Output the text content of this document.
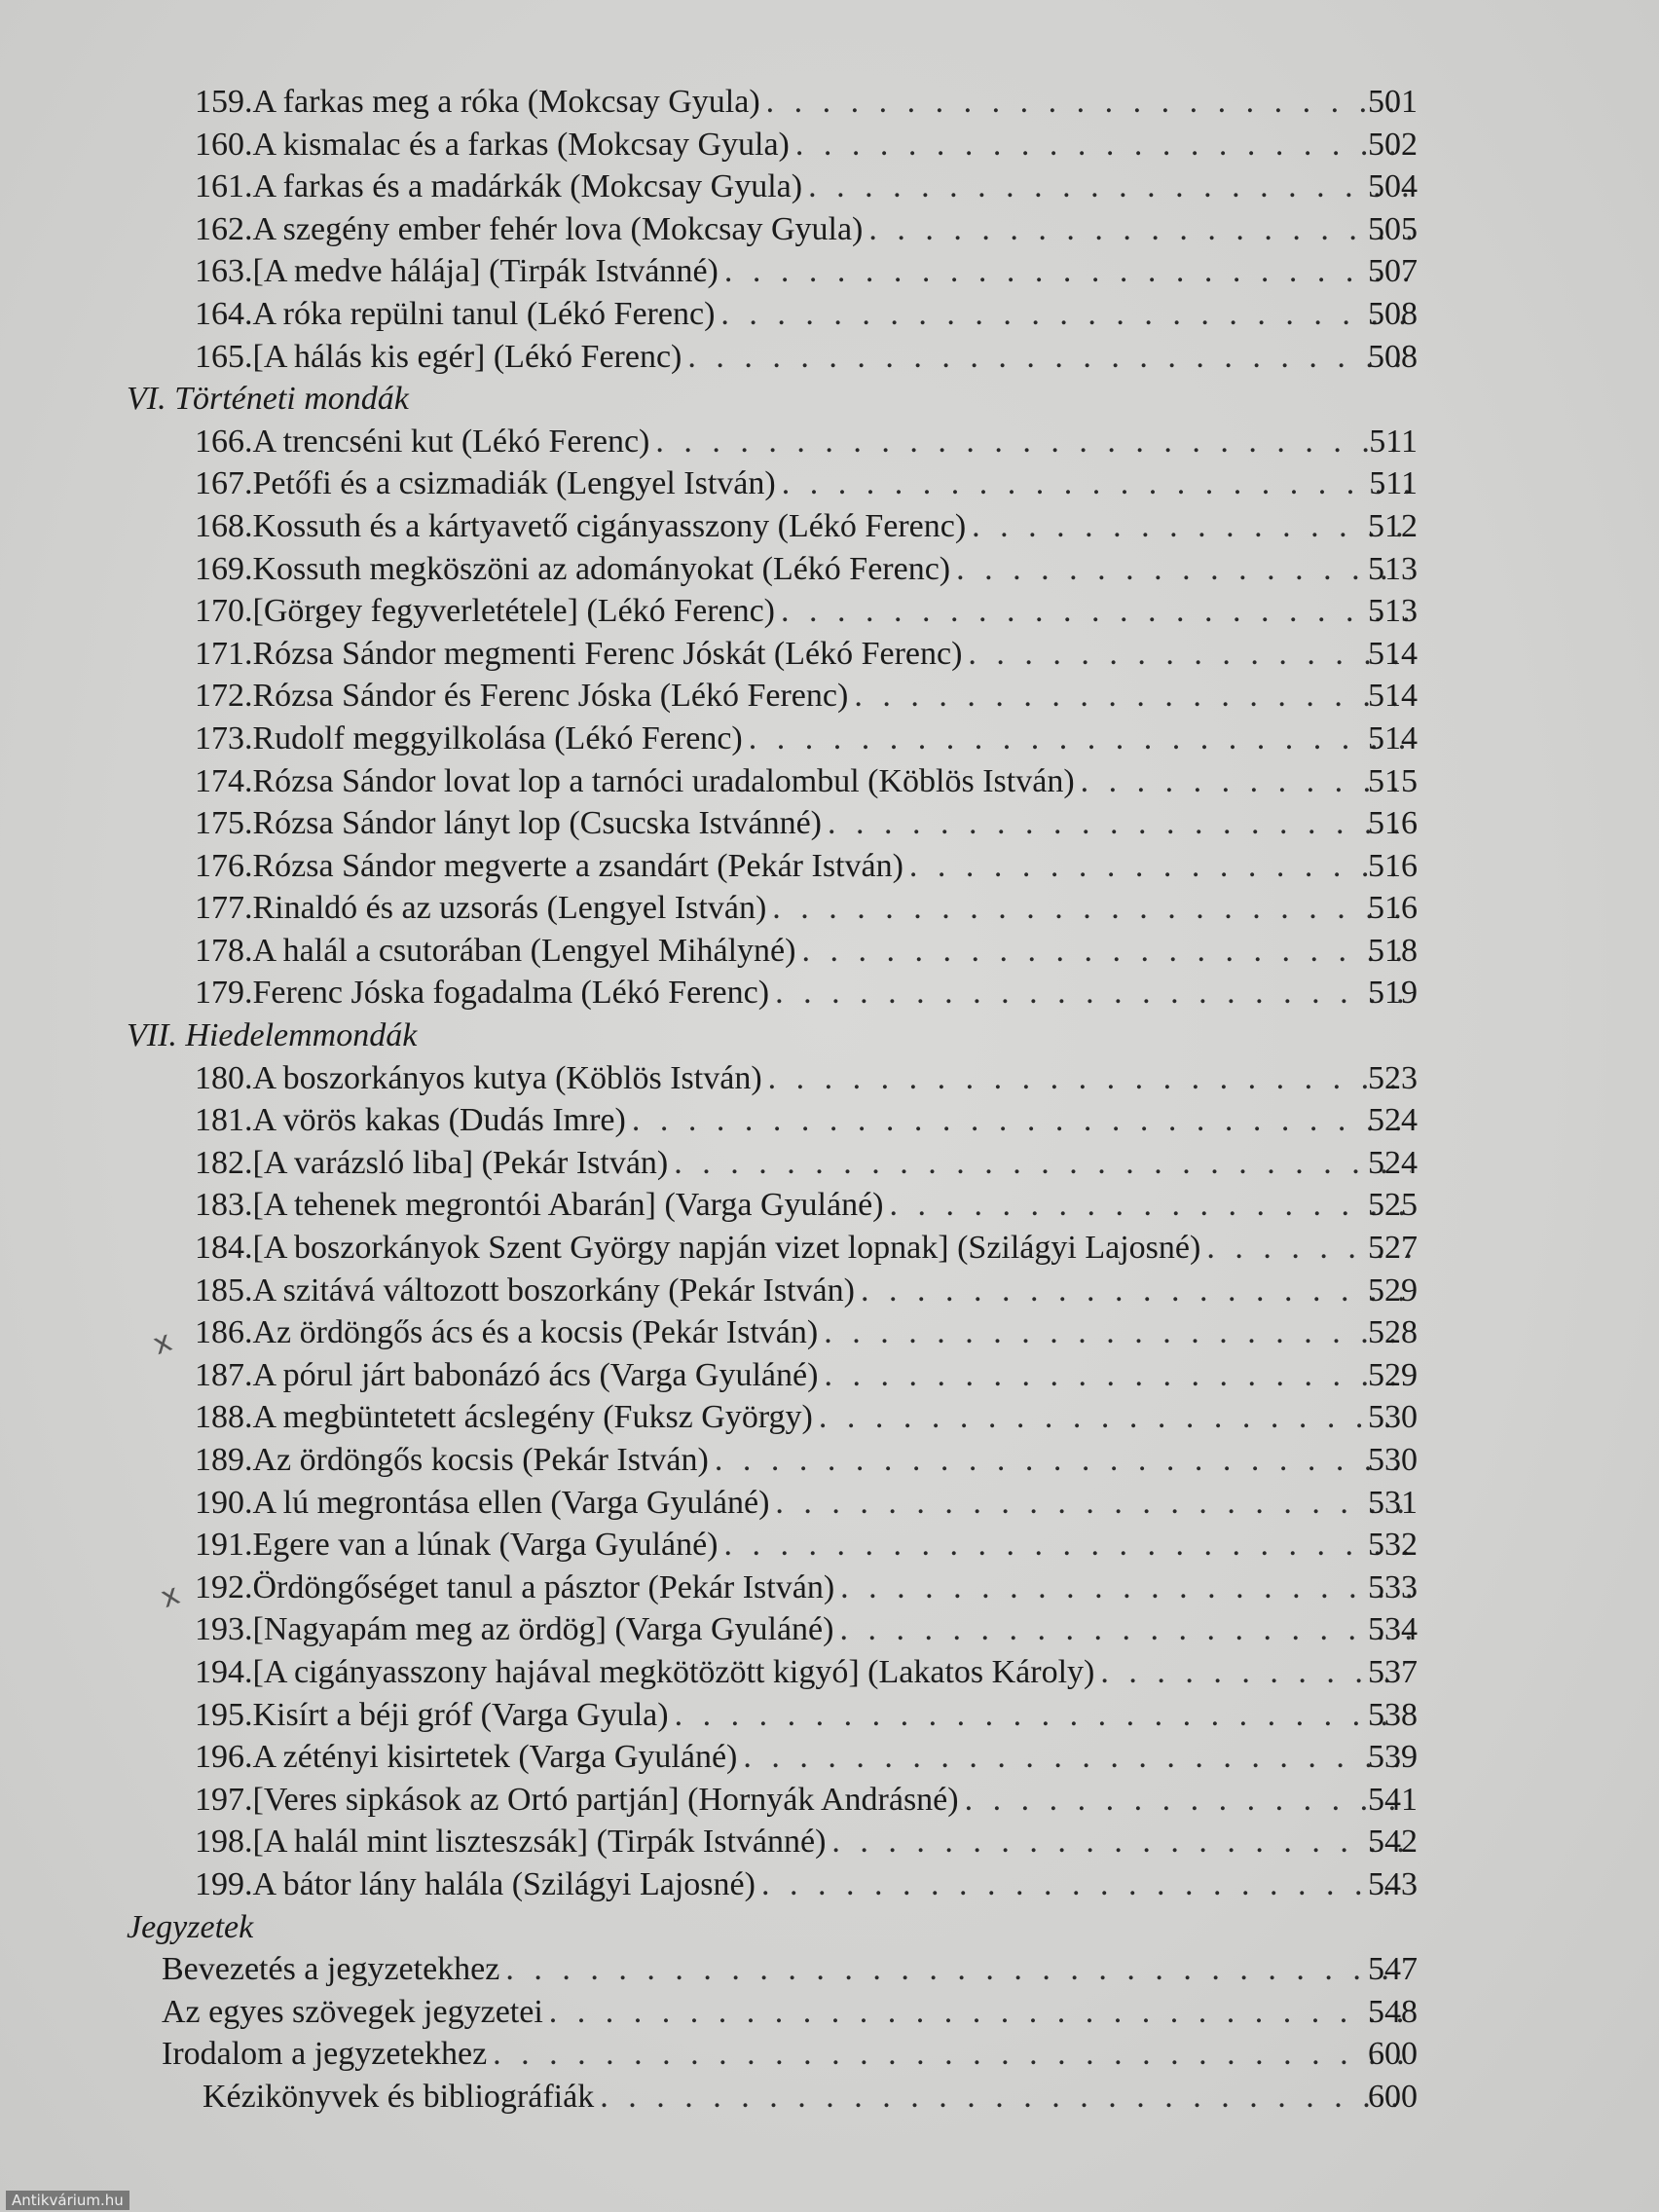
159. A farkas meg a róka (Mokcsay Gyula) . . .	501
160. A kismalac és a farkas (Mokcsay Gyula) . . .	502
161. A farkas és a madárkák (Mokcsay Gyula) . . .	504
162. A szegény ember fehér lova (Mokcsay Gyula) . . .	505
163. [A medve hálája] (Tirpák Istvánné) . . .	507
164. A róka repülni tanul (Lékó Ferenc) . . .	508
165. [A hálás kis egér] (Lékó Ferenc) . . .	508
VI. Történeti mondák
166. A trencséni kut (Lékó Ferenc) . . .	511
167. Petőfi és a csizmadiák (Lengyel István) . . .	511
168. Kossuth és a kártyavető cigányasszony (Lékó Ferenc) . . .	512
169. Kossuth megköszöni az adományokat (Lékó Ferenc) . . .	513
170. [Görgey fegyverletétele] (Lékó Ferenc) . . .	513
171. Rózsa Sándor megmenti Ferenc Jóskát (Lékó Ferenc) . . .	514
172. Rózsa Sándor és Ferenc Jóska (Lékó Ferenc) . . .	514
173. Rudolf meggyilkolása (Lékó Ferenc) . . .	514
174. Rózsa Sándor lovat lop a tarnóci uradalombul (Köblös István) . . .	515
175. Rózsa Sándor lányt lop (Csucska Istvánné) . . .	516
176. Rózsa Sándor megverte a zsandárt (Pekár István) . . .	516
177. Rinaldó és az uzsorás (Lengyel István) . . .	516
178. A halál a csutorában (Lengyel Mihályné) . . .	518
179. Ferenc Jóska fogadalma (Lékó Ferenc) . . .	519
VII. Hiedelemmondák
180. A boszorkányos kutya (Köblös István) . . .	523
181. A vörös kakas (Dudás Imre) . . .	524
182. [A varázsló liba] (Pekár István) . . .	524
183. [A tehenek megrontói Abarán] (Varga Gyuláné) . . .	525
184. [A boszorkányok Szent György napján vizet lopnak] (Szilágyi Lajosné) . . .	527
185. A szitává változott boszorkány (Pekár István) . . .	529
186. Az ördöngős ács és a kocsis (Pekár István) . . .	528
187. A pórul járt babonázó ács (Varga Gyuláné) . . .	529
188. A megbüntetett ácslegény (Fuksz György) . . .	530
189. Az ördöngős kocsis (Pekár István) . . .	530
190. A lú megrontása ellen (Varga Gyuláné) . . .	531
191. Egere van a lúnak (Varga Gyuláné) . . .	532
192. Ördöngőséget tanul a pásztor (Pekár István) . . .	533
193. [Nagyapám meg az ördög] (Varga Gyuláné) . . .	534
194. [A cigányasszony hajával megkötözött kigyó] (Lakatos Károly) . . .	537
195. Kisírt a béji gróf (Varga Gyula) . . .	538
196. A zétényi kisirtetek (Varga Gyuláné) . . .	539
197. [Veres sipkások az Ortó partján] (Hornyák Andrásné) . . .	541
198. [A halál mint liszteszsák] (Tirpák Istvánné) . . .	542
199. A bátor lány halála (Szilágyi Lajosné) . . .	543
Jegyzetek
Bevezetés a jegyzetekhez . . .	547
Az egyes szövegek jegyzetei . . .	548
Irodalom a jegyzetekhez . . .	600
Kézikönyvek és bibliográfiák . . .	600
x
x
Antikvárium.hu
